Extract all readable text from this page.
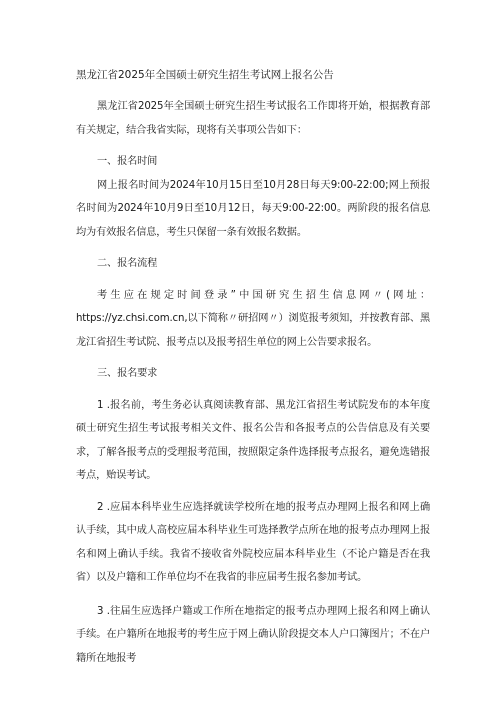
黑龙江省2025年全国硕士研究生招生考试网上报名公告

黑龙江省2025年全国硕士研究生招生考试报名工作即将开始，根据教育部有关规定，结合我省实际，现将有关事项公告如下：

一、报名时间

网上报名时间为2024年10月15日至10月28日每天9:00-22:00;网上预报名时间为2024年10月9日至10月12日，每天9:00-22:00。两阶段的报名信息均为有效报名信息，考生只保留一条有效报名数据。

二、报名流程

考生应在规定时间登录”中国研究生招生信息网〃(网址：https://yz.chsi.com.cn,以下简称〃研招网〃）浏览报考须知，并按教育部、黑龙江省招生考试院、报考点以及报考招生单位的网上公告要求报名。

三、报名要求

1 .报名前，考生务必认真阅读教育部、黑龙江省招生考试院发布的本年度硕士研究生招生考试报考相关文件、报名公告和各报考点的公告信息及有关要求，了解各报考点的受理报考范围，按照限定条件选择报考点报名，避免选错报考点，贻误考试。

2 .应届本科毕业生应选择就读学校所在地的报考点办理网上报名和网上确认手续，其中成人高校应届本科毕业生可选择教学点所在地的报考点办理网上报名和网上确认手续。我省不接收省外院校应届本科毕业生（不论户籍是否在我省）以及户籍和工作单位均不在我省的非应届考生报名参加考试。

3 .往届生应选择户籍或工作所在地指定的报考点办理网上报名和网上确认手续。在户籍所在地报考的考生应于网上确认阶段提交本人户口簿图片；不在户籍所在地报考
